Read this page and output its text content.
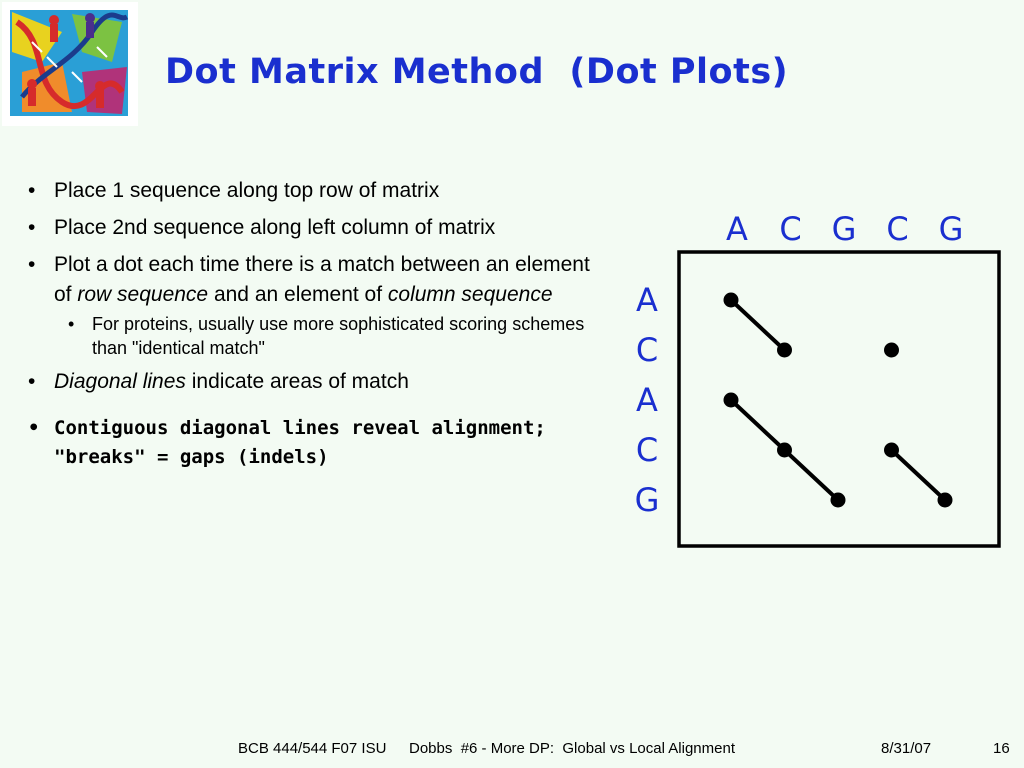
Dot Matrix Method  (Dot Plots)
• Place 1 sequence along top row of matrix
• Place 2nd sequence along left column of matrix
• Plot a dot each time there is a match between an element of row sequence and an element of column sequence
• For proteins, usually use more sophisticated scoring schemes than "identical match"
• Diagonal lines indicate areas of match
• Contiguous diagonal lines reveal alignment; "breaks" = gaps (indels)
A C G C G
A
C
A
C
G
BCB 444/544 F07 ISU Dobbs  #6 - More DP:  Global vs Local Alignment	8/31/07	16
